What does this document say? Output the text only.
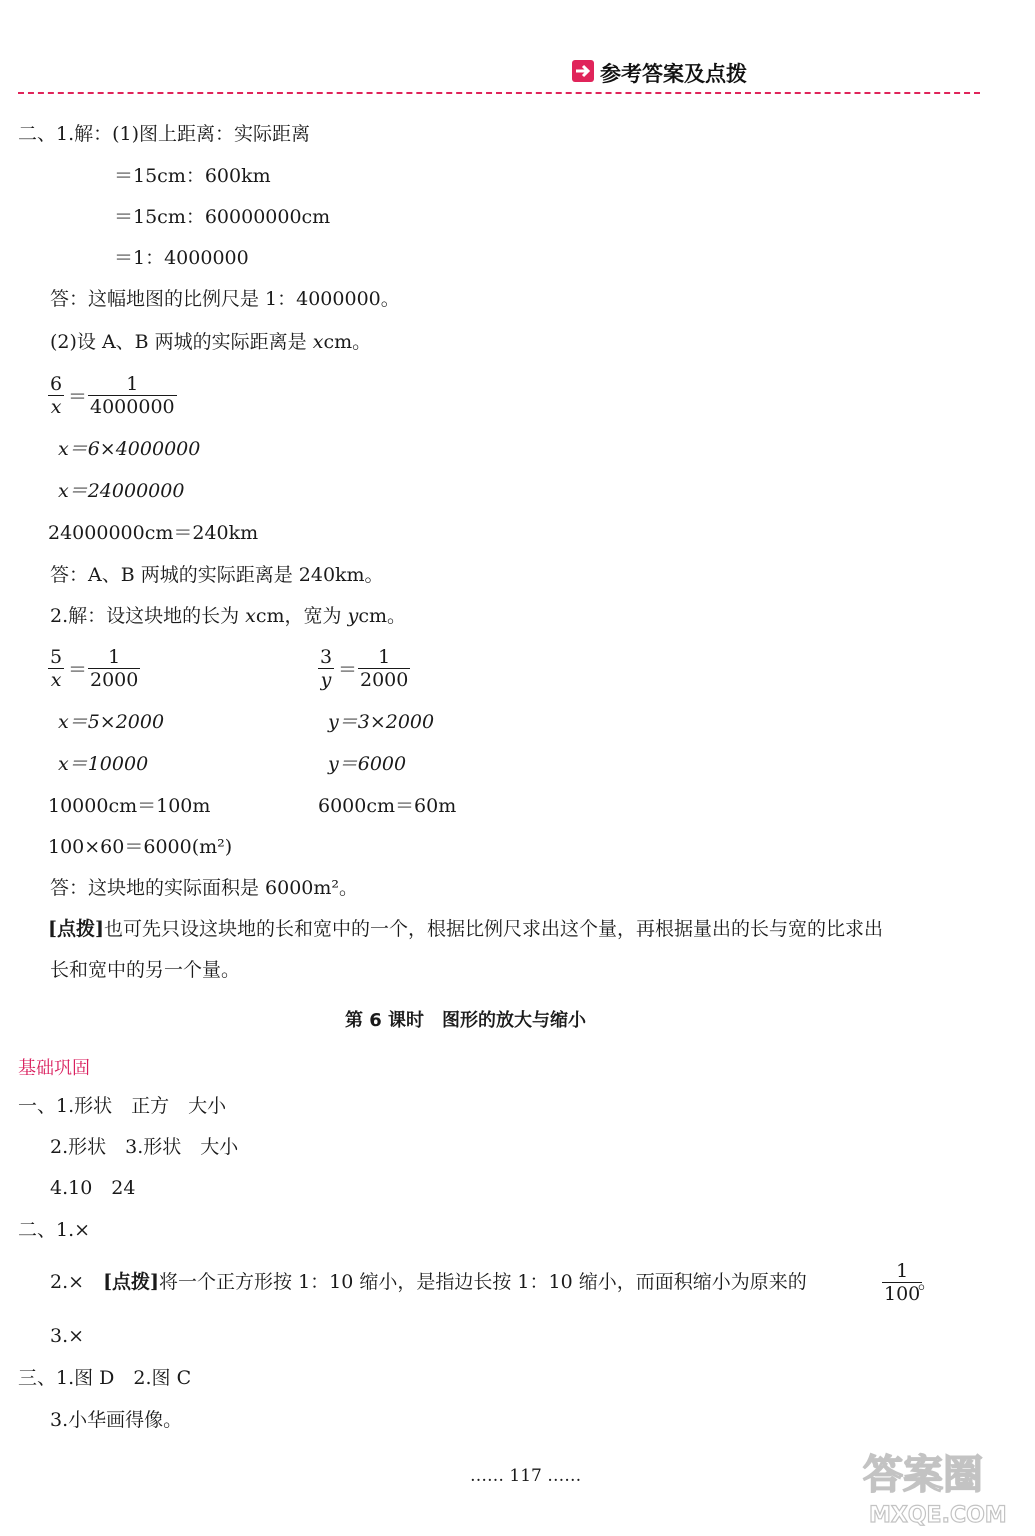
参考答案及点拨
二、1.解：(1)图上距离：实际距离
＝15cm：600km
＝15cm：60000000cm
＝1：4000000
答：这幅地图的比例尺是 1：4000000。
(2)设 A、B 两城的实际距离是 xcm。
6
x ＝
1
4000000
x＝6×4000000
x＝24000000
24000000cm＝240km
答：A、B 两城的实际距离是 240km。
2.解：设这块地的长为 xcm，宽为 ycm。
5
x ＝
1
2000
3
y ＝
1
2000
x＝5×2000	y＝3×2000
x＝10000	y＝6000
10000cm＝100m	6000cm＝60m
100×60＝6000(m²)
答：这块地的实际面积是 6000m²。
[点拨]也可先只设这块地的长和宽中的一个，根据比例尺求出这个量，再根据量出的长与宽的比求出
长和宽中的另一个量。
第 6 课时　图形的放大与缩小
基础巩固
一、1.形状　正方　大小
2.形状　3.形状　大小
4.10　24
二、1.×
2.×　[点拨]将一个正方形按 1：10 缩小，是指边长按 1：10 缩小，而面积缩小为原来的	1
100
。
3.×
三、1.图 D　2.图 C
3.小华画得像。
…… 117 ……	答案圈
MXQE.COM
